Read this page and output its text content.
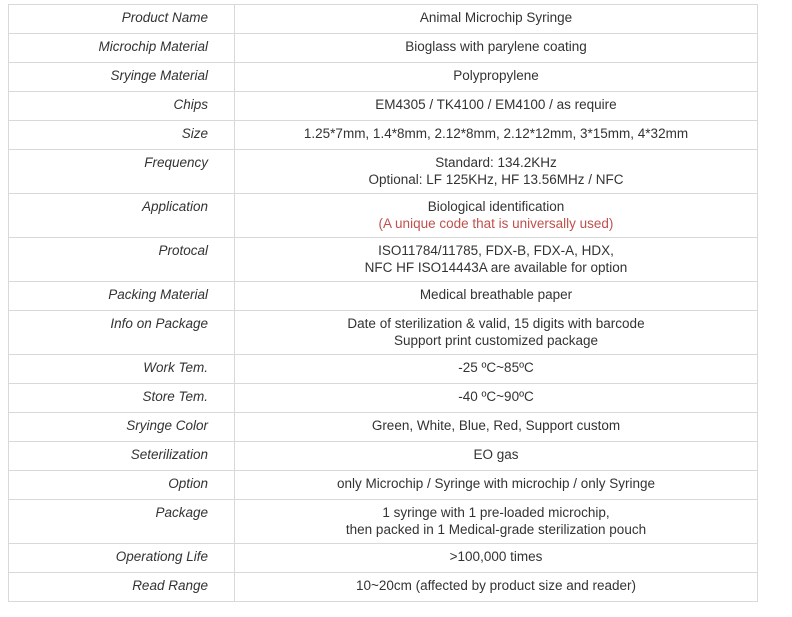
Product Name	Animal Microchip Syringe

Microchip Material	Bioglass with parylene coating

Sryinge Material	Polypropylene

Chips	EM4305 / TK4100 / EM4100 / as require

Size	1.25*7mm, 1.4*8mm, 2.12*8mm, 2.12*12mm, 3*15mm, 4*32mm

Frequency	Standard: 134.2KHz
Optional: LF 125KHz, HF 13.56MHz / NFC

Application	Biological identification
(A unique code that is universally used)

Protocal	ISO11784/11785, FDX-B, FDX-A, HDX,
NFC HF ISO14443A are available for option

Packing Material	Medical breathable paper

Info on Package	Date of sterilization & valid, 15 digits with barcode
Support print customized package

Work Tem.	-25 ºC~85ºC

Store Tem.	-40 ºC~90ºC

Sryinge Color	Green, White, Blue, Red, Support custom

Seterilization	EO gas

Option	only Microchip / Syringe with microchip / only Syringe

Package	1 syringe with 1 pre-loaded microchip,
then packed in 1 Medical-grade sterilization pouch

Operationg Life	>100,000 times

Read Range	10~20cm (affected by product size and reader)
